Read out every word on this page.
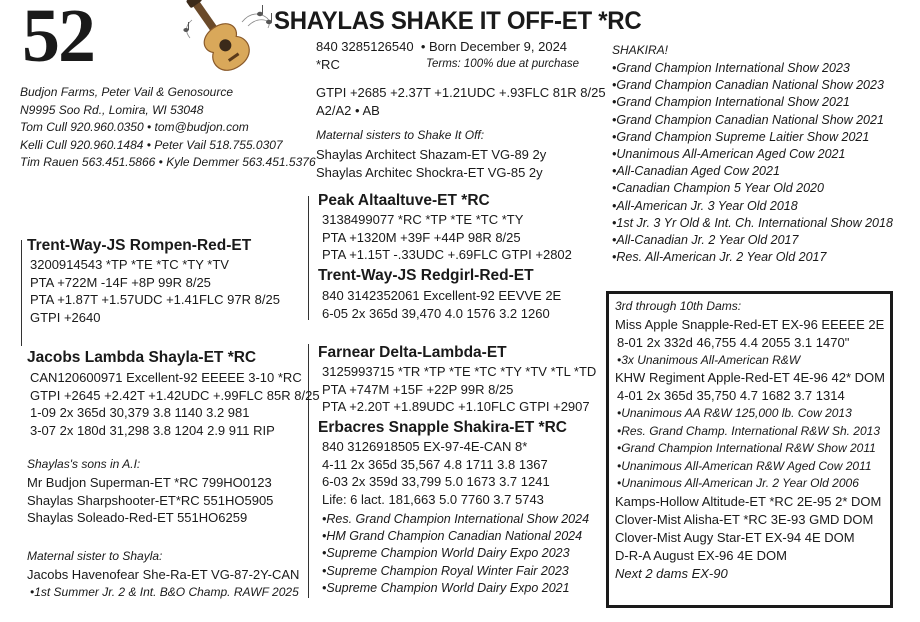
52	SHAYLAS SHAKE IT OFF-ET *RC
840 3285126540 • Born December 9, 2024
*RC	Terms: 100% due at purchase
GTPI +2685 +2.37T +1.21UDC +.93FLC 81R 8/25
A2/A2 • AB
Maternal sisters to Shake It Off:
Shaylas Architect Shazam-ET VG-89 2y
Shaylas Architec Shockra-ET VG-85 2y
Budjon Farms, Peter Vail & Genosource
N9995 Soo Rd., Lomira, WI 53048
Tom Cull 920.960.0350 • tom@budjon.com
Kelli Cull 920.960.1484 • Peter Vail 518.755.0307
Tim Rauen 563.451.5866 • Kyle Demmer 563.451.5376
Trent-Way-JS Rompen-Red-ET
3200914543 *TP *TE *TC *TY *TV
PTA +722M -14F +8P 99R 8/25
PTA +1.87T +1.57UDC +1.41FLC 97R 8/25
GTPI +2640
Jacobs Lambda Shayla-ET *RC
CAN120600971 Excellent-92 EEEEE 3-10 *RC
GTPI +2645 +2.42T +1.42UDC +.99FLC 85R 8/25
1-09 2x 365d 30,379 3.8 1140 3.2 981
3-07 2x 180d 31,298 3.8 1204 2.9 911 RIP
Shaylas's sons in A.I:
Mr Budjon Superman-ET *RC 799HO0123
Shaylas Sharpshooter-ET*RC 551HO5905
Shaylas Soleado-Red-ET 551HO6259
Maternal sister to Shayla:
Jacobs Havenofear She-Ra-ET VG-87-2Y-CAN
•1st Summer Jr. 2 & Int. B&O Champ. RAWF 2025
Peak Altaaltuve-ET *RC
3138499077 *RC *TP *TE *TC *TY
PTA +1320M +39F +44P 98R 8/25
PTA +1.15T -.33UDC +.69FLC GTPI +2802
Trent-Way-JS Redgirl-Red-ET
840 3142352061 Excellent-92 EEVVE 2E
6-05 2x 365d 39,470 4.0 1576 3.2 1260
Farnear Delta-Lambda-ET
3125993715 *TR *TP *TE *TC *TY *TV *TL *TD
PTA +747M +15F +22P 99R 8/25
PTA +2.20T +1.89UDC +1.10FLC GTPI +2907
Erbacres Snapple Shakira-ET *RC
840 3126918505 EX-97-4E-CAN 8*
4-11 2x 365d 35,567 4.8 1711 3.8 1367
6-03 2x 359d 33,799 5.0 1673 3.7 1241
Life: 6 lact. 181,663 5.0 7760 3.7 5743
•Res. Grand Champion International Show 2024
•HM Grand Champion Canadian National 2024
•Supreme Champion World Dairy Expo 2023
•Supreme Champion Royal Winter Fair 2023
•Supreme Champion World Dairy Expo 2021
SHAKIRA!
•Grand Champion International Show 2023
•Grand Champion Canadian National Show 2023
•Grand Champion International Show 2021
•Grand Champion Canadian National Show 2021
•Grand Champion Supreme Laitier Show 2021
•Unanimous All-American Aged Cow 2021
•All-Canadian Aged Cow 2021
•Canadian Champion 5 Year Old 2020
•All-American Jr. 3 Year Old 2018
•1st Jr. 3 Yr Old & Int. Ch. International Show 2018
•All-Canadian Jr. 2 Year Old 2017
•Res. All-American Jr. 2 Year Old 2017
3rd through 10th Dams:
Miss Apple Snapple-Red-ET EX-96 EEEEE 2E
8-01 2x 332d 46,755 4.4 2055 3.1 1470"
•3x Unanimous All-American R&W
KHW Regiment Apple-Red-ET 4E-96 42* DOM
4-01 2x 365d 35,750 4.7 1682 3.7 1314
•Unanimous AA R&W 125,000 lb. Cow 2013
•Res. Grand Champ. International R&W Sh. 2013
•Grand Champion International R&W Show 2011
•Unanimous All-American R&W Aged Cow 2011
•Unanimous All-American Jr. 2 Year Old 2006
Kamps-Hollow Altitude-ET *RC 2E-95 2* DOM
Clover-Mist Alisha-ET *RC 3E-93 GMD DOM
Clover-Mist Augy Star-ET EX-94 4E DOM
D-R-A August EX-96 4E DOM
Next 2 dams EX-90
